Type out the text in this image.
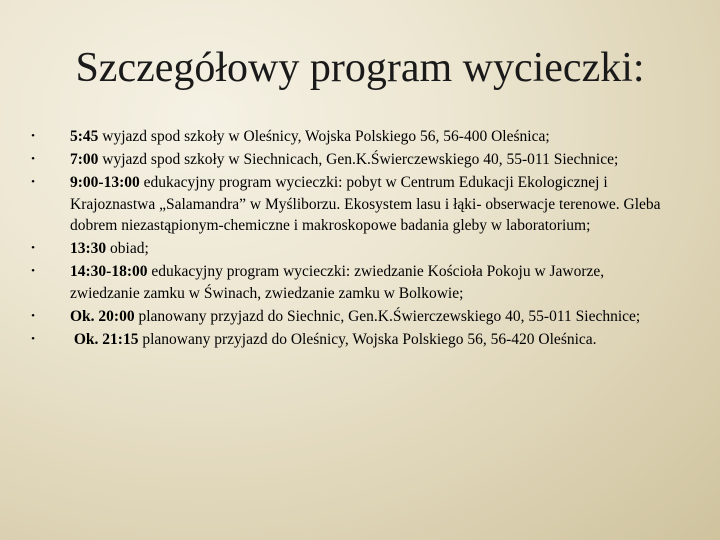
Szczegółowy program wycieczki:
•	5:45 wyjazd spod szkoły w Oleśnicy, Wojska Polskiego 56, 56-400 Oleśnica;
•	7:00 wyjazd spod szkoły w Siechnicach, Gen.K.Świerczewskiego 40, 55-011 Siechnice;
•	9:00-13:00 edukacyjny program wycieczki: pobyt w Centrum Edukacji Ekologicznej i Krajoznastwa „Salamandra” w Myśliborzu. Ekosystem lasu i łąki- obserwacje terenowe. Gleba dobrem niezastąpionym-chemiczne i makroskopowe badania gleby w laboratorium;
•	13:30 obiad;
•	14:30-18:00 edukacyjny program wycieczki: zwiedzanie Kościoła Pokoju w Jaworze, zwiedzanie zamku w Świnach, zwiedzanie zamku w Bolkowie;
•	Ok. 20:00 planowany przyjazd do Siechnic, Gen.K.Świerczewskiego 40, 55-011 Siechnice;
•	Ok. 21:15 planowany przyjazd do Oleśnicy, Wojska Polskiego 56, 56-420 Oleśnica.
